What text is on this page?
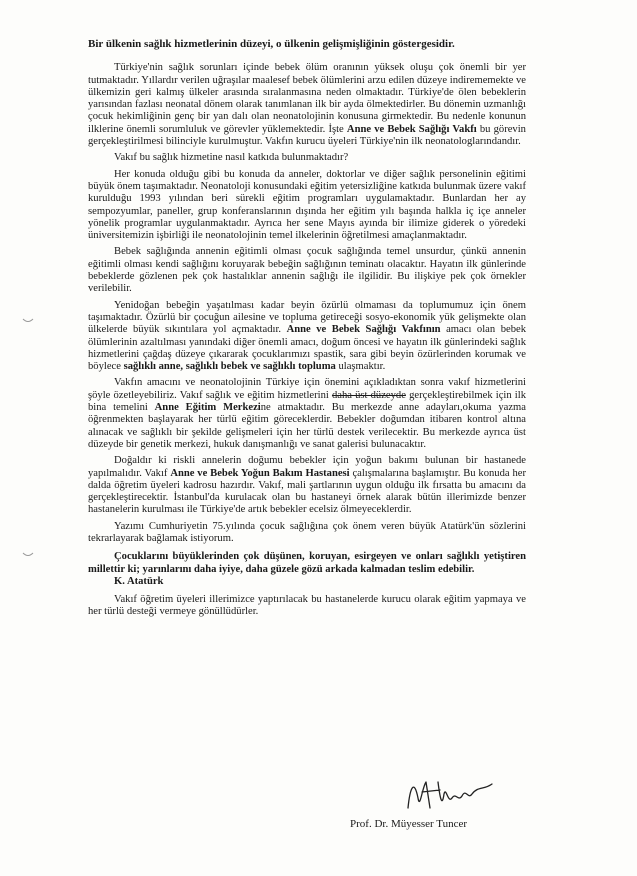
Bir ülkenin sağlık hizmetlerinin düzeyi, o ülkenin gelişmişliğinin göstergesidir.

Türkiye'nin sağlık sorunları içinde bebek ölüm oranının yüksek oluşu çok önemli bir yer tutmaktadır. Yıllardır verilen uğraşılar maalesef bebek ölümlerini arzu edilen düzeye indirememekte ve ülkemizin geri kalmış ülkeler arasında sıralanmasına neden olmaktadır. Türkiye'de ölen bebeklerin yarısından fazlası neonatal dönem olarak tanımlanan ilk bir ayda ölmektedirler. Bu dönemin uzmanlığı çocuk hekimliğinin genç bir yan dalı olan neonatolojinin konusuna girmektedir. Bu nedenle konunun ilklerine önemli sorumluluk ve görevler yüklemektedir. İşte Anne ve Bebek Sağlığı Vakfı bu görevin gerçekleştirilmesi bilinciyle kurulmuştur. Vakfın kurucu üyeleri Türkiye'nin ilk neonatologlarındandır.

Vakıf bu sağlık hizmetine nasıl katkıda bulunmaktadır?

Her konuda olduğu gibi bu konuda da anneler, doktorlar ve diğer sağlık personelinin eğitimi büyük önem taşımaktadır. Neonatoloji konusundaki eğitim yetersizliğine katkıda bulunmak üzere vakıf kurulduğu 1993 yılından beri sürekli eğitim programları uygulamaktadır. Bunlardan her ay sempozyumlar, paneller, grup konferanslarının dışında her eğitim yılı başında halkla iç içe anneler yönelik programlar uygulanmaktadır. Ayrıca her sene Mayıs ayında bir ilimize giderek o yöredeki üniversitemizin işbirliği ile neonatolojinin temel ilkelerinin öğretilmesi amaçlanmaktadır.

Bebek sağlığında annenin eğitimli olması çocuk sağlığında temel unsurdur, çünkü annenin eğitimli olması kendi sağlığını koruyarak bebeğin sağlığının teminatı olacaktır. Hayatın ilk günlerinde bebeklerde gözlenen pek çok hastalıklar annenin sağlığı ile ilgilidir. Bu ilişkiye pek çok örnekler verilebilir.

Yenidoğan bebeğin yaşatılması kadar beyin özürlü olmaması da toplumumuz için önem taşımaktadır. Özürlü bir çocuğun ailesine ve topluma getireceği sosyo-ekonomik yük gelişmekte olan ülkelerde büyük sıkıntılara yol açmaktadır. Anne ve Bebek Sağlığı Vakfının amacı olan bebek ölümlerinin azaltılması yanındaki diğer önemli amacı, doğum öncesi ve hayatın ilk günlerindeki sağlık hizmetlerini çağdaş düzeye çıkararak çocuklarımızı spastik, sara gibi beyin özürlerinden korumak ve böylece sağlıklı anne, sağlıklı bebek ve sağlıklı topluma ulaşmaktır.

Vakfın amacını ve neonatolojinin Türkiye için önemini açıkladıktan sonra vakıf hizmetlerini şöyle özetleyebiliriz. Vakıf sağlık ve eğitim hizmetlerini daha üst düzeyde gerçekleştirebilmek için ilk bina temelini Anne Eğitim Merkezine atmaktadır. Bu merkezde anne adayları,okuma yazma öğrenmekten başlayarak her türlü eğitim göreceklerdir. Bebekler doğumdan itibaren kontrol altına alınacak ve sağlıklı bir şekilde gelişmeleri için her türlü destek verilecektir. Bu merkezde ayrıca üst düzeyde bir genetik merkezi, hukuk danışmanlığı ve sanat galerisi bulunacaktır.

Doğaldır ki riskli annelerin doğumu bebekler için yoğun bakımı bulunan bir hastanede yapılmalıdır. Vakıf Anne ve Bebek Yoğun Bakım Hastanesi çalışmalarına başlamıştır. Bu konuda her dalda öğretim üyeleri kadrosu hazırdır. Vakıf, mali şartlarının uygun olduğu ilk fırsatta bu amacını da gerçekleştirecektir. İstanbul'da kurulacak olan bu hastaneyi örnek alarak bütün illerimizde benzer hastanelerin kurulması ile Türkiye'de artık bebekler ecelsiz ölmeyeceklerdir.

Yazımı Cumhuriyetin 75.yılında çocuk sağlığına çok önem veren büyük Atatürk'ün sözlerini tekrarlayarak bağlamak istiyorum.

Çocuklarını büyüklerinden çok düşünen, koruyan, esirgeyen ve onları sağlıklı yetiştiren millettir ki; yarınlarını daha iyiye, daha güzele gözü arkada kalmadan teslim edebilir.

K. Atatürk

Vakıf öğretim üyeleri illerimizce yaptırılacak bu hastanelerde kurucu olarak eğitim yapmaya ve her türlü desteği vermeye gönüllüdürler.

Prof. Dr. Müyesser Tuncer
